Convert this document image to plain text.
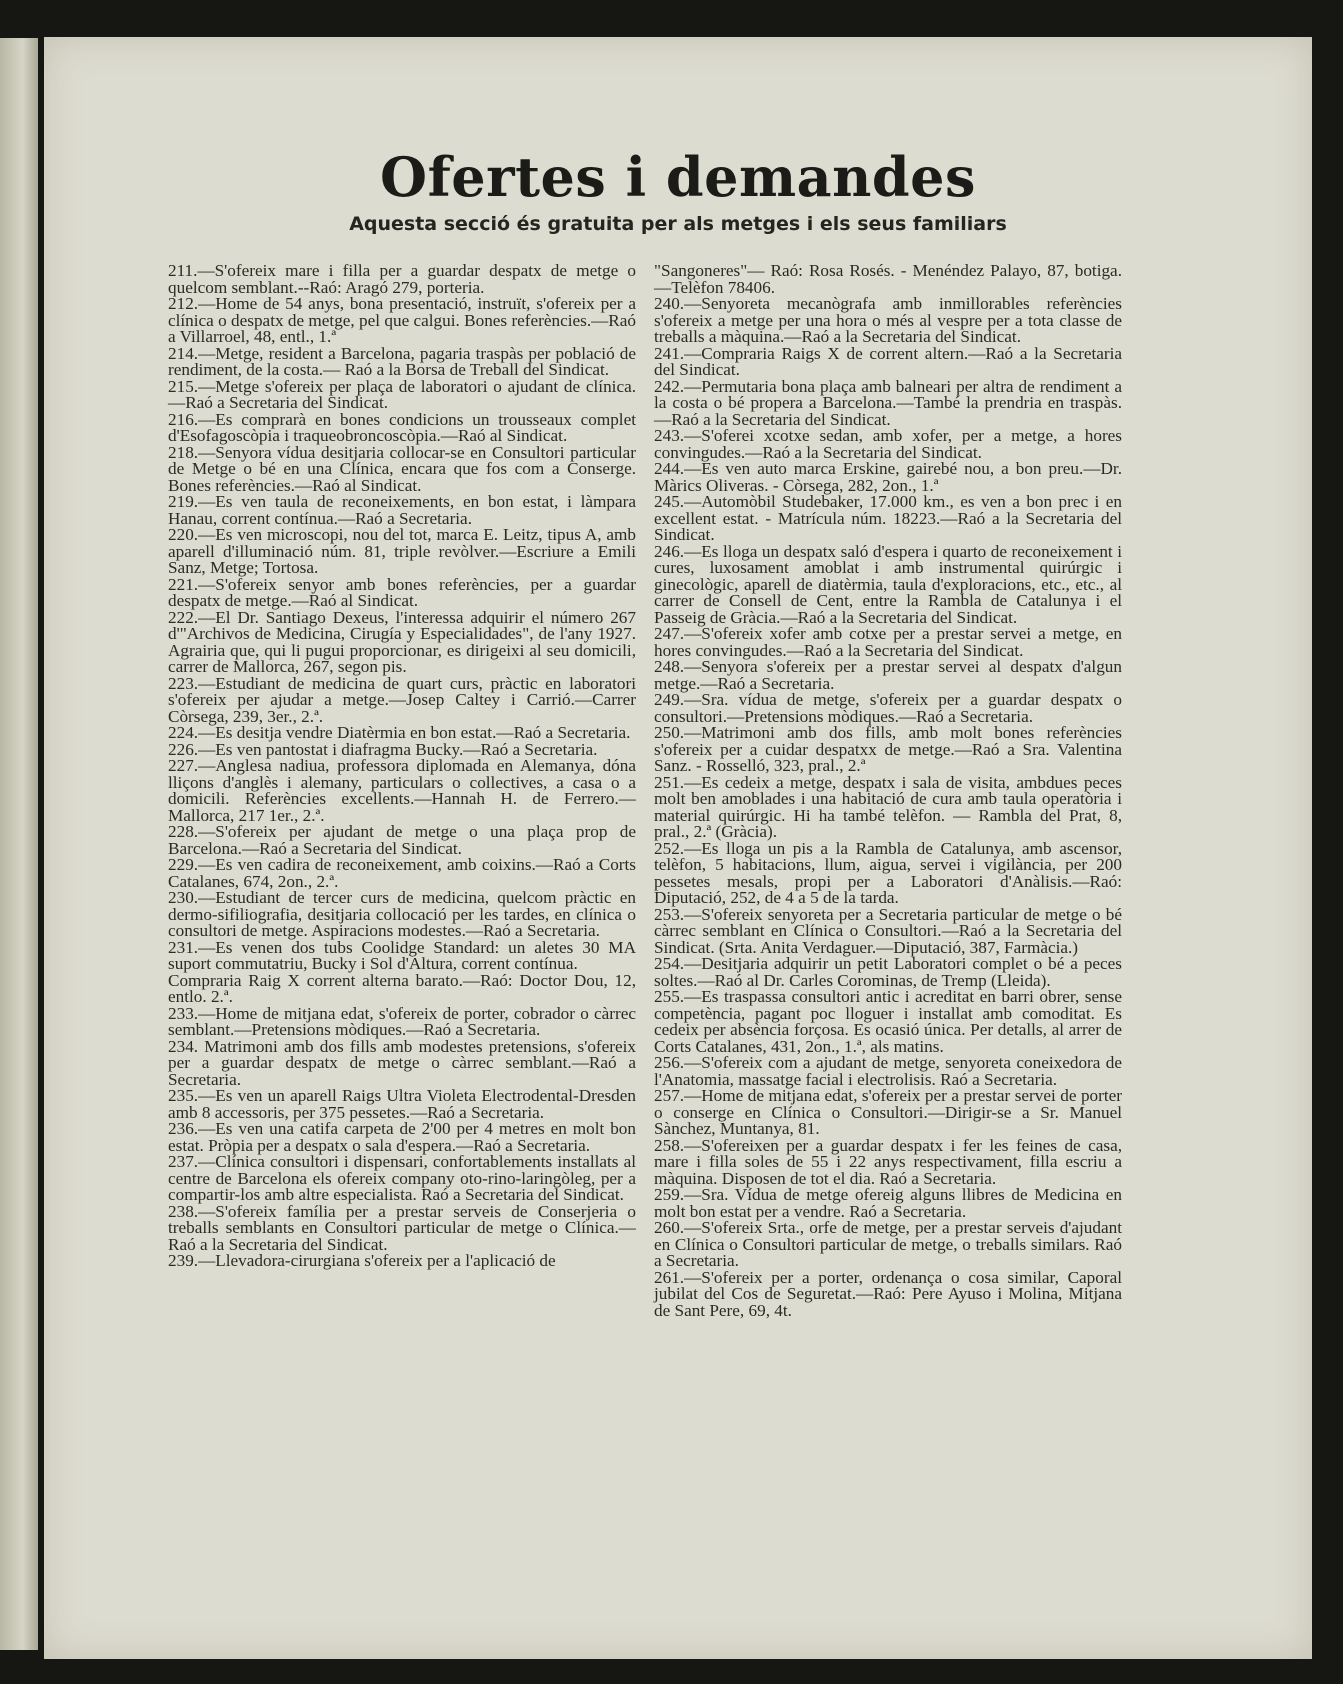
Ofertes i demandes
Aquesta secció és gratuita per als metges i els seus familiars

211.—S'ofereix mare i filla per a guardar despatx de metge o quelcom semblant.--Raó: Aragó 279, porteria.

212.—Home de 54 anys, bona presentació, instruït, s'ofereix per a clínica o despatx de metge, pel que calgui. Bones referències.—Raó a Villarroel, 48, entl., 1.ª

214.—Metge, resident a Barcelona, pagaria traspàs per població de rendiment, de la costa.— Raó a la Borsa de Treball del Sindicat.

215.—Metge s'ofereix per plaça de laboratori o ajudant de clínica.—Raó a Secretaria del Sindicat.

216.—Es comprarà en bones condicions un trousseaux complet d'Esofagoscòpia i traqueobroncoscòpia.—Raó al Sindicat.

218.—Senyora vídua desitjaria collocar-se en Consultori particular de Metge o bé en una Clínica, encara que fos com a Conserge. Bones referències.—Raó al Sindicat.

219.—Es ven taula de reconeixements, en bon estat, i làmpara Hanau, corrent contínua.—Raó a Secretaria.

220.—Es ven microscopi, nou del tot, marca E. Leitz, tipus A, amb aparell d'illuminació núm. 81, triple revòlver.—Escriure a Emili Sanz, Metge; Tortosa.

221.—S'ofereix senyor amb bones referències, per a guardar despatx de metge.—Raó al Sindicat.

222.—El Dr. Santiago Dexeus, l'interessa adquirir el número 267 d'"Archivos de Medicina, Cirugía y Especialidades", de l'any 1927. Agrairia que, qui li pugui proporcionar, es dirigeixi al seu domicili, carrer de Mallorca, 267, segon pis.

223.—Estudiant de medicina de quart curs, pràctic en laboratori s'ofereix per ajudar a metge.—Josep Caltey i Carrió.—Carrer Còrsega, 239, 3er., 2.ª.

224.—Es desitja vendre Diatèrmia en bon estat.—Raó a Secretaria.

226.—Es ven pantostat i diafragma Bucky.—Raó a Secretaria.

227.—Anglesa nadiua, professora diplomada en Alemanya, dóna lliçons d'anglès i alemany, particulars o collectives, a casa o a domicili. Referències excellents.—Hannah H. de Ferrero.—Mallorca, 217 1er., 2.ª.

228.—S'ofereix per ajudant de metge o una plaça prop de Barcelona.—Raó a Secretaria del Sindicat.

229.—Es ven cadira de reconeixement, amb coixins.—Raó a Corts Catalanes, 674, 2on., 2.ª.

230.—Estudiant de tercer curs de medicina, quelcom pràctic en dermo-sifiliografia, desitjaria collocació per les tardes, en clínica o consultori de metge. Aspiracions modestes.—Raó a Secretaria.

231.—Es venen dos tubs Coolidge Standard: un aletes 30 MA suport commutatriu, Bucky i Sol d'Altura, corrent contínua.

Compraria Raig X corrent alterna barato.—Raó: Doctor Dou, 12, entlo. 2.ª.

233.—Home de mitjana edat, s'ofereix de porter, cobrador o càrrec semblant.—Pretensions mòdiques.—Raó a Secretaria.

234. Matrimoni amb dos fills amb modestes pretensions, s'ofereix per a guardar despatx de metge o càrrec semblant.—Raó a Secretaria.

235.—Es ven un aparell Raigs Ultra Violeta Electrodental-Dresden amb 8 accessoris, per 375 pessetes.—Raó a Secretaria.

236.—Es ven una catifa carpeta de 2'00 per 4 metres en molt bon estat. Pròpia per a despatx o sala d'espera.—Raó a Secretaria.

237.—Clínica consultori i dispensari, confortablements installats al centre de Barcelona els ofereix company oto-rino-laringòleg, per a compartir-los amb altre especialista. Raó a Secretaria del Sindicat.

238.—S'ofereix família per a prestar serveis de Conserjeria o treballs semblants en Consultori particular de metge o Clínica.—Raó a la Secretaria del Sindicat.

239.—Llevadora-cirurgiana s'ofereix per a l'aplicació de

"Sangoneres"— Raó: Rosa Rosés. - Menéndez Palayo, 87, botiga.—Telèfon 78406.

240.—Senyoreta mecanògrafa amb inmillorables referències s'ofereix a metge per una hora o més al vespre per a tota classe de treballs a màquina.—Raó a la Secretaria del Sindicat.

241.—Compraria Raigs X de corrent altern.—Raó a la Secretaria del Sindicat.

242.—Permutaria bona plaça amb balneari per altra de rendiment a la costa o bé propera a Barcelona.—També la prendria en traspàs.—Raó a la Secretaria del Sindicat.

243.—S'oferei xcotxe sedan, amb xofer, per a metge, a hores convingudes.—Raó a la Secretaria del Sindicat.

244.—Es ven auto marca Erskine, gairebé nou, a bon preu.—Dr. Màrics Oliveras. - Còrsega, 282, 2on., 1.ª

245.—Automòbil Studebaker, 17.000 km., es ven a bon prec i en excellent estat. - Matrícula núm. 18223.—Raó a la Secretaria del Sindicat.

246.—Es lloga un despatx saló d'espera i quarto de reconeixement i cures, luxosament amoblat i amb instrumental quirúrgic i ginecològic, aparell de diatèrmia, taula d'exploracions, etc., etc., al carrer de Consell de Cent, entre la Rambla de Catalunya i el Passeig de Gràcia.—Raó a la Secretaria del Sindicat.

247.—S'ofereix xofer amb cotxe per a prestar servei a metge, en hores convingudes.—Raó a la Secretaria del Sindicat.

248.—Senyora s'ofereix per a prestar servei al despatx d'algun metge.—Raó a Secretaria.

249.—Sra. vídua de metge, s'ofereix per a guardar despatx o consultori.—Pretensions mòdiques.—Raó a Secretaria.

250.—Matrimoni amb dos fills, amb molt bones referències s'ofereix per a cuidar despatxx de metge.—Raó a Sra. Valentina Sanz. - Rosselló, 323, pral., 2.ª

251.—Es cedeix a metge, despatx i sala de visita, ambdues peces molt ben amoblades i una habitació de cura amb taula operatòria i material quirúrgic. Hi ha també telèfon. — Rambla del Prat, 8, pral., 2.ª (Gràcia).

252.—Es lloga un pis a la Rambla de Catalunya, amb ascensor, telèfon, 5 habitacions, llum, aigua, servei i vigilància, per 200 pessetes mesals, propi per a Laboratori d'Anàlisis.—Raó: Diputació, 252, de 4 a 5 de la tarda.

253.—S'ofereix senyoreta per a Secretaria particular de metge o bé càrrec semblant en Clínica o Consultori.—Raó a la Secretaria del Sindicat. (Srta. Anita Verdaguer.—Diputació, 387, Farmàcia.)

254.—Desitjaria adquirir un petit Laboratori complet o bé a peces soltes.—Raó al Dr. Carles Corominas, de Tremp (Lleida).

255.—Es traspassa consultori antic i acreditat en barri obrer, sense competència, pagant poc lloguer i installat amb comoditat. Es cedeix per absència forçosa. Es ocasió única. Per detalls, al arrer de Corts Catalanes, 431, 2on., 1.ª, als matins.

256.—S'ofereix com a ajudant de metge, senyoreta coneixedora de l'Anatomia, massatge facial i electrolisis. Raó a Secretaria.

257.—Home de mitjana edat, s'ofereix per a prestar servei de porter o conserge en Clínica o Consultori.—Dirigir-se a Sr. Manuel Sànchez, Muntanya, 81.

258.—S'ofereixen per a guardar despatx i fer les feines de casa, mare i filla soles de 55 i 22 anys respectivament, filla escriu a màquina. Disposen de tot el dia. Raó a Secretaria.

259.—Sra. Vídua de metge ofereig alguns llibres de Medicina en molt bon estat per a vendre. Raó a Secretaria.

260.—S'ofereix Srta., orfe de metge, per a prestar serveis d'ajudant en Clínica o Consultori particular de metge, o treballs similars. Raó a Secretaria.

261.—S'ofereix per a porter, ordenança o cosa similar, Caporal jubilat del Cos de Seguretat.—Raó: Pere Ayuso i Molina, Mitjana de Sant Pere, 69, 4t.
